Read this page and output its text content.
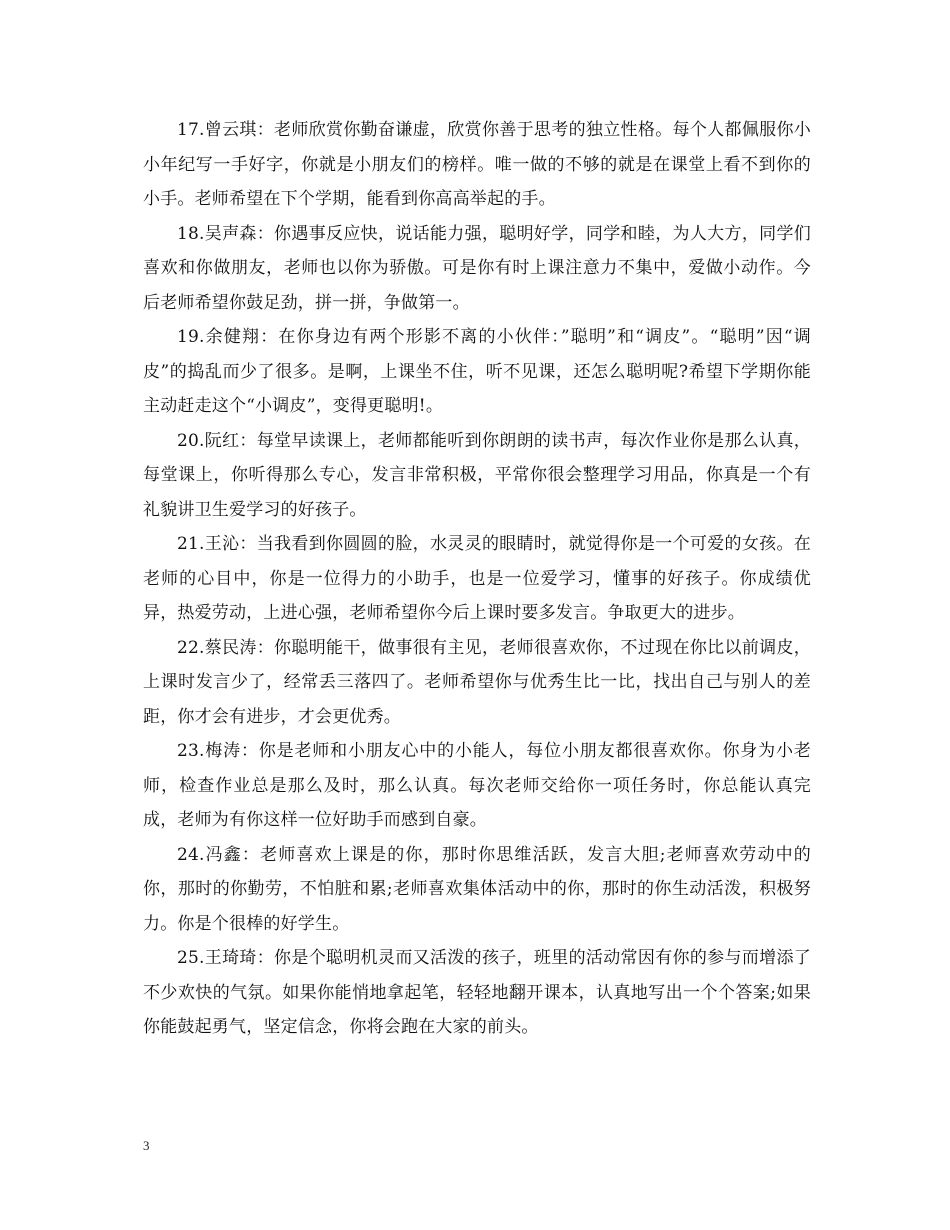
17.曾云琪：老师欣赏你勤奋谦虚，欣赏你善于思考的独立性格。每个人都佩服你小小年纪写一手好字，你就是小朋友们的榜样。唯一做的不够的就是在课堂上看不到你的小手。老师希望在下个学期，能看到你高高举起的手。

18.吴声森：你遇事反应快，说话能力强，聪明好学，同学和睦，为人大方，同学们喜欢和你做朋友，老师也以你为骄傲。可是你有时上课注意力不集中，爱做小动作。今后老师希望你鼓足劲，拼一拼，争做第一。

19.余健翔：在你身边有两个形影不离的小伙伴：”聪明”和“调皮”。“聪明”因“调皮”的捣乱而少了很多。是啊，上课坐不住，听不见课，还怎么聪明呢?希望下学期你能主动赶走这个“小调皮”，变得更聪明!。

20.阮红：每堂早读课上，老师都能听到你朗朗的读书声，每次作业你是那么认真，每堂课上，你听得那么专心，发言非常积极，平常你很会整理学习用品，你真是一个有礼貌讲卫生爱学习的好孩子。

21.王沁：当我看到你圆圆的脸，水灵灵的眼睛时，就觉得你是一个可爱的女孩。在老师的心目中，你是一位得力的小助手，也是一位爱学习，懂事的好孩子。你成绩优异，热爱劳动，上进心强，老师希望你今后上课时要多发言。争取更大的进步。

22.蔡民涛：你聪明能干，做事很有主见，老师很喜欢你，不过现在你比以前调皮，上课时发言少了，经常丢三落四了。老师希望你与优秀生比一比，找出自己与别人的差距，你才会有进步，才会更优秀。

23.梅涛：你是老师和小朋友心中的小能人，每位小朋友都很喜欢你。你身为小老师，检查作业总是那么及时，那么认真。每次老师交给你一项任务时，你总能认真完成，老师为有你这样一位好助手而感到自豪。

24.冯鑫：老师喜欢上课是的你，那时你思维活跃，发言大胆;老师喜欢劳动中的你，那时的你勤劳，不怕脏和累;老师喜欢集体活动中的你，那时的你生动活泼，积极努力。你是个很棒的好学生。

25.王琦琦：你是个聪明机灵而又活泼的孩子，班里的活动常因有你的参与而增添了不少欢快的气氛。如果你能悄地拿起笔，轻轻地翻开课本，认真地写出一个个答案;如果你能鼓起勇气，坚定信念，你将会跑在大家的前头。

3
